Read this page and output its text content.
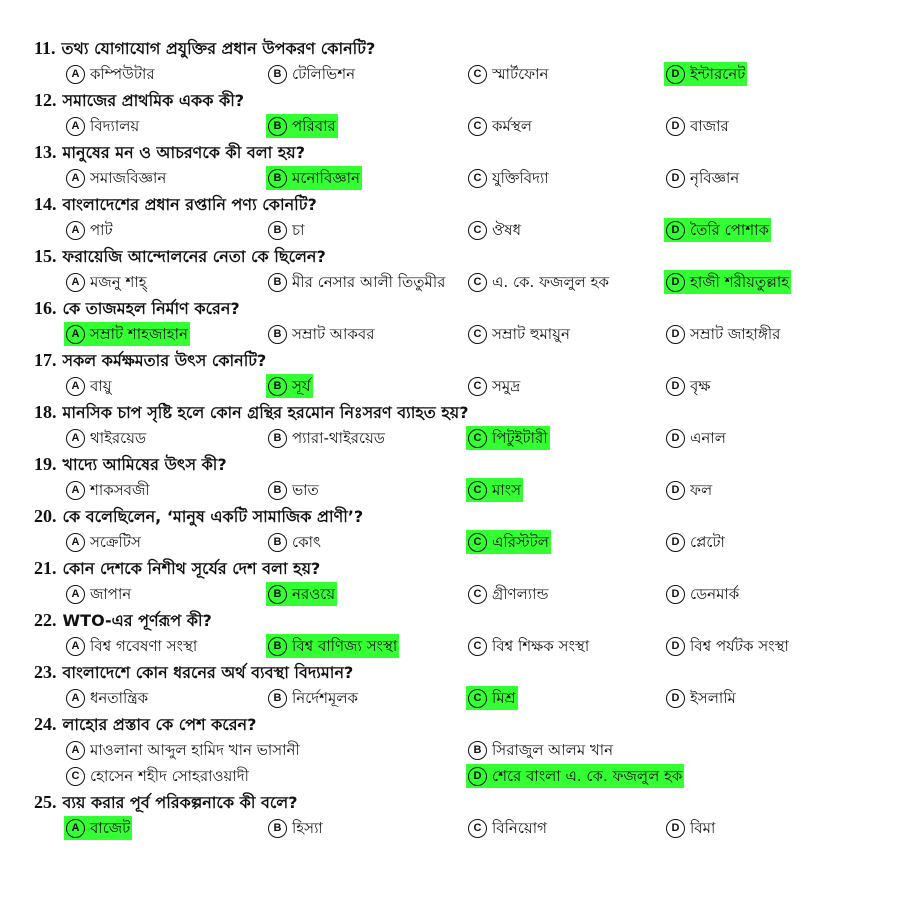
11. তথ্য যোগাযোগ প্রযুক্তির প্রধান উপকরণ কোনটি?
A কম্পিউটার	B টেলিভিশন	C স্মার্টফোন	D ইন্টারনেট
12. সমাজের প্রাথমিক একক কী?
A বিদ্যালয়	B পরিবার	C কর্মস্থল	D বাজার
13. মানুষের মন ও আচরণকে কী বলা হয়?
A সমাজবিজ্ঞান	B মনোবিজ্ঞান	C যুক্তিবিদ্যা	D নৃবিজ্ঞান
14. বাংলাদেশের প্রধান রপ্তানি পণ্য কোনটি?
A পাট	B চা	C ঔষধ	D তৈরি পোশাক
15. ফরায়েজি আন্দোলনের নেতা কে ছিলেন?
A মজনু শাহ্	B মীর নেসার আলী তিতুমীর	C এ. কে. ফজলুল হক	D হাজী শরীয়তুল্লাহ
16. কে তাজমহল নির্মাণ করেন?
A সম্রাট শাহজাহান	B সম্রাট আকবর	C সম্রাট হুমায়ুন	D সম্রাট জাহাঙ্গীর
17. সকল কর্মক্ষমতার উৎস কোনটি?
A বায়ু	B সূর্য	C সমুদ্র	D বৃক্ষ
18. মানসিক চাপ সৃষ্টি হলে কোন গ্রন্থির হরমোন নিঃসরণ ব্যাহত হয়?
A থাইরয়েড	B প্যারা-থাইরয়েড	C পিটুইটারী	D এনাল
19. খাদ্যে আমিষের উৎস কী?
A শাকসবজী	B ভাত	C মাংস	D ফল
20. কে বলেছিলেন, ‘মানুষ একটি সামাজিক প্রাণী’?
A সক্রেটিস	B কোৎ	C এরিস্টটল	D প্লেটো
21. কোন দেশকে নিশীথ সূর্যের দেশ বলা হয়?
A জাপান	B নরওয়ে	C গ্রীণল্যান্ড	D ডেনমার্ক
22. WTO-এর পূর্ণরূপ কী?
A বিশ্ব গবেষণা সংস্থা	B বিশ্ব বাণিজ্য সংস্থা	C বিশ্ব শিক্ষক সংস্থা	D বিশ্ব পর্যটক সংস্থা
23. বাংলাদেশে কোন ধরনের অর্থ ব্যবস্থা বিদ্যমান?
A ধনতান্ত্রিক	B নির্দেশমূলক	C মিশ্র	D ইসলামি
24. লাহোর প্রস্তাব কে পেশ করেন?
A মাওলানা আব্দুল হামিদ খান ভাসানী	B সিরাজুল আলম খান
C হোসেন শহীদ সোহরাওয়াদী	D শেরে বাংলা এ. কে. ফজলুল হক
25. ব্যয় করার পূর্ব পরিকল্পনাকে কী বলে?
A বাজেট	B হিস্যা	C বিনিয়োগ	D বিমা
